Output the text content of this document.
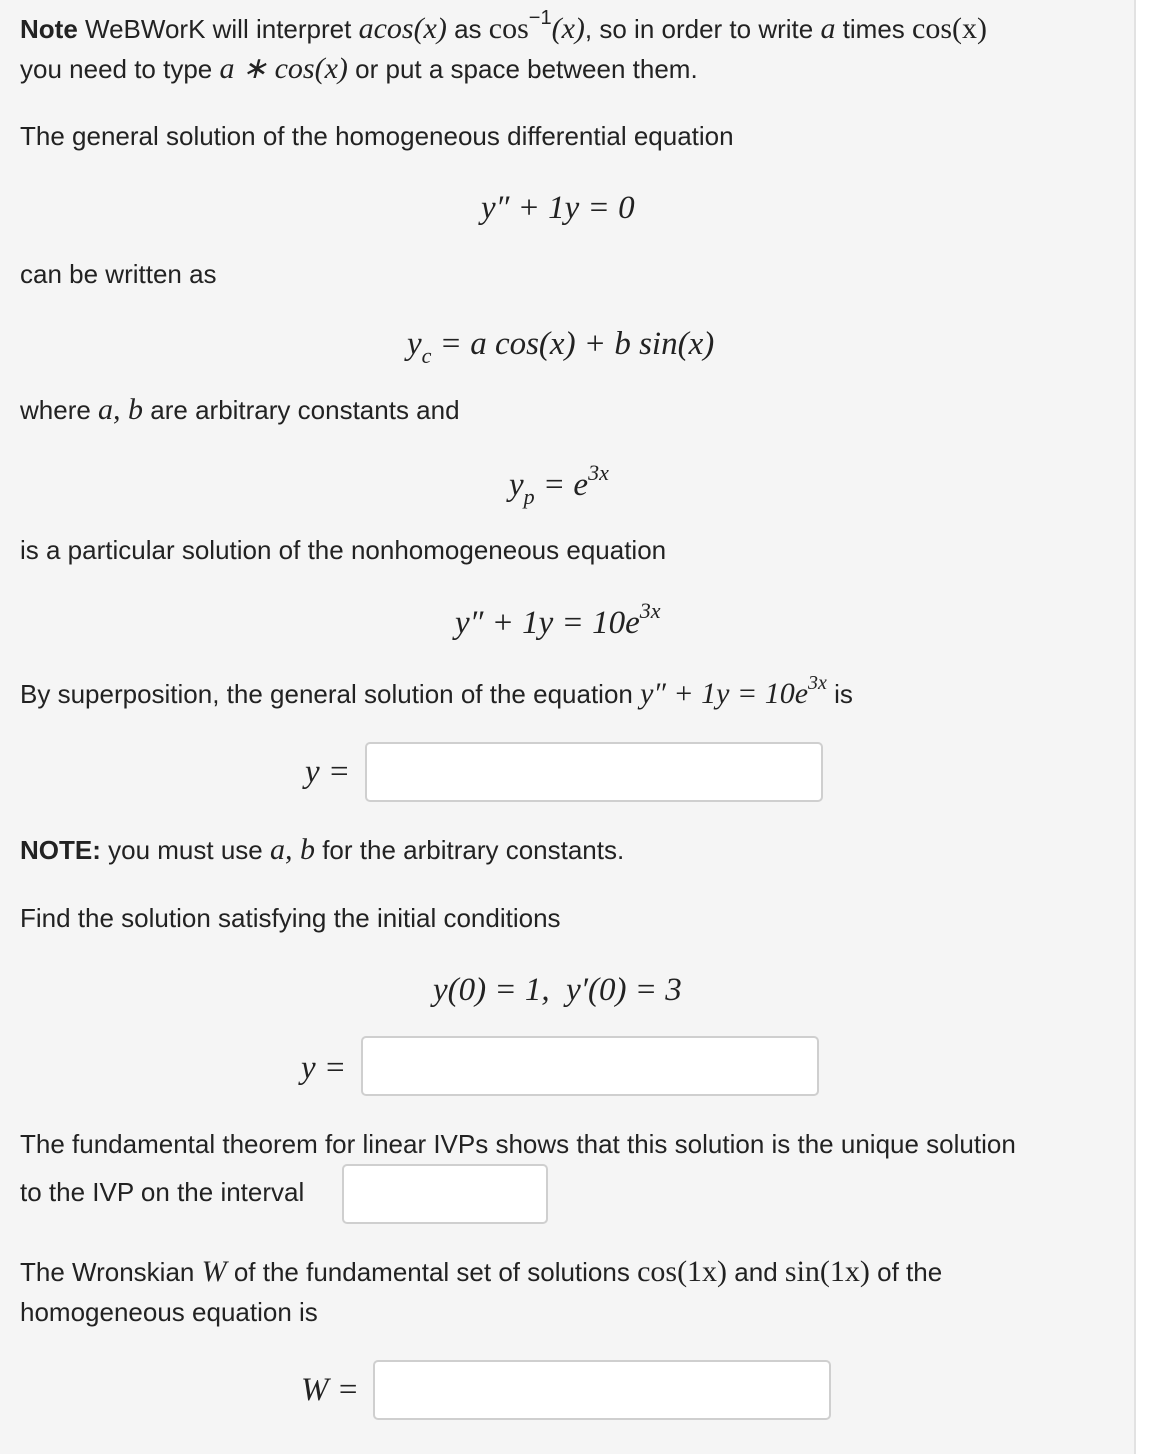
Note WeBWorK will interpret acos(x) as $\cos^{-1}(x)$, so in order to write a times cos(x)
you need to type a ∗ cos(x) or put a space between them.
The general solution of the homogeneous differential equation
y″ + 1y = 0
can be written as
$y_c = a$ cos(x) + b sin(x)
where a, b are arbitrary constants and
$y_p = e^{3x}$
is a particular solution of the nonhomogeneous equation
$y'' + 1y = 10e^{3x}$
By superposition, the general solution of the equation $y'' + 1y = 10e^{3x}$ is
y =
NOTE: you must use a, b for the arbitrary constants.
Find the solution satisfying the initial conditions
y(0) = 1,  y′(0) = 3
y =
The fundamental theorem for linear IVPs shows that this solution is the unique solution
to the IVP on the interval
The Wronskian W of the fundamental set of solutions cos(1x) and sin(1x) of the
homogeneous equation is
W =
